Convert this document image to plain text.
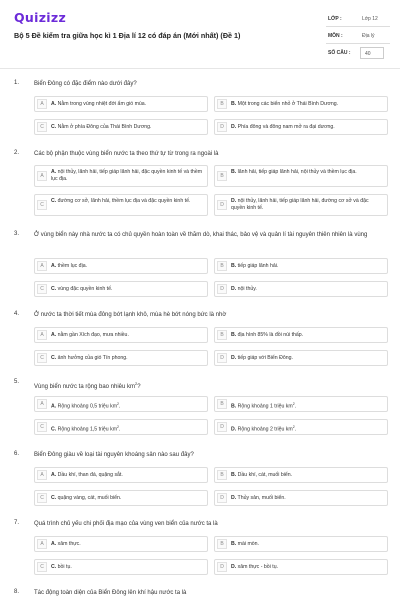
Quizizz
Bộ 5 Đề kiểm tra giữa học kì 1 Địa lí 12 có đáp án (Mới nhất) (Đề 1)
LỚP :	Lớp 12
MÔN :	Địa lý
SỐ CÂU :	40
1. Biển Đông có đặc điểm nào dưới đây?
A	A. Nằm trong vùng nhiệt đới ẩm gió mùa.	B	B. Một trong các biển nhỏ ở Thái Bình Dương.
C	C. Nằm ở phía Đông của Thái Bình Dương.	D	D. Phía đông và đông nam mở ra đại dương.
2. Các bộ phận thuộc vùng biển nước ta theo thứ tự từ trong ra ngoài là
A
A. nội thủy, lãnh hải, tiếp giáp lãnh hải, đặc quyền kinh tế và thềm lục địa.	B
B. lãnh hải, tiếp giáp lãnh hải, nội thủy và thềm lục địa.
C
C. đường cơ sở, lãnh hải, thềm lục địa và đặc quyền kinh tế.
D
D. nội thủy, lãnh hải, tiếp giáp lãnh hải, đường cơ sở và đặc quyền kinh tế.
3. Ở vùng biển này nhà nước ta có chủ quyền hoàn toàn về thăm dò, khai thác, bảo vệ và quản lí tài nguyên thiên nhiên là vùng
A	A. thềm lục địa.	B	B. tiếp giáp lãnh hải.
C	C. vùng đặc quyền kinh tế.	D	D. nội thủy.
4. Ở nước ta thời tiết mùa đông bớt lạnh khô, mùa hè bớt nóng bức là nhờ
A	A. nằm gần Xích đạo, mưa nhiều.	B	B. địa hình 85% là đồi núi thấp.
C	C. ảnh hưởng của gió Tín phong.	D	D. tiếp giáp với Biển Đông.
5.
Vùng biển nước ta rộng bao nhiêu $km^2$?
A	A. Rộng khoảng 0,5 triệu $km^2$.	B	B. Rộng khoảng 1 triệu $km^2$.
C	C. Rộng khoảng 1,5 triệu $km^2$.	D	D. Rộng khoảng 2 triệu $km^2$.
6. Biển Đông giàu về loại tài nguyên khoáng sản nào sau đây?
A	A. Dầu khí, than đá, quặng sắt.	B	B. Dầu khí, cát, muối biển.
C	C. quặng vàng, cát, muối biển.	D	D. Thủy sản, muối biển.
7. Quá trình chủ yếu chi phối địa mạo của vùng ven biển của nước ta là
A	A. xâm thực.	B	B. mài mòn.
C	C. bồi tụ.	D	D. xâm thực - bồi tụ.
8. Tác động toàn diện của Biển Đông lên khí hậu nước ta là
